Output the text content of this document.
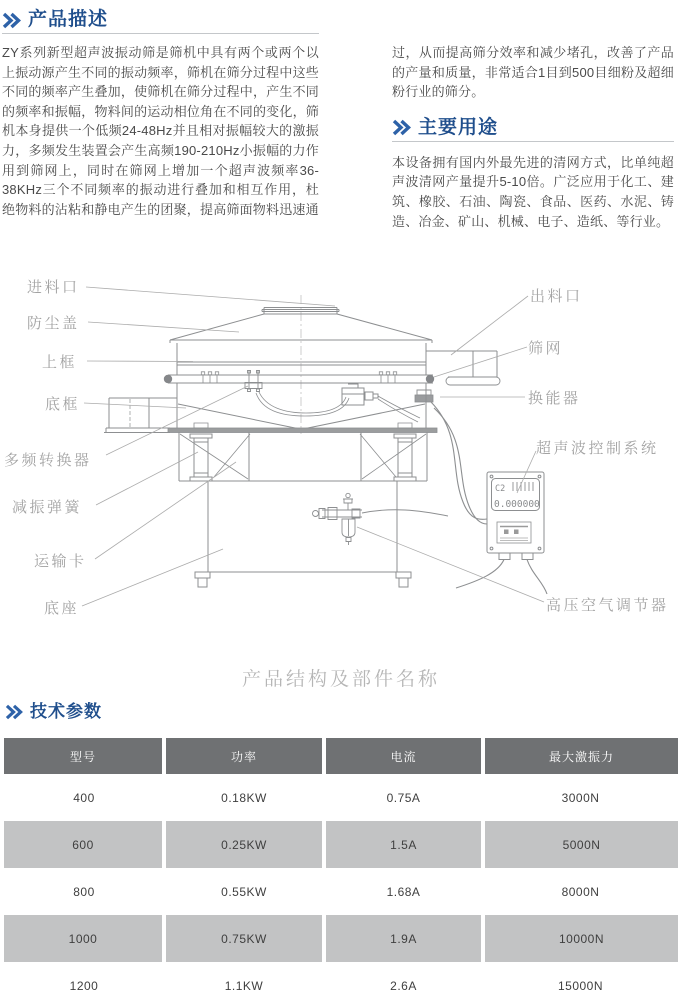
产品描述

ZY系列新型超声波振动筛是筛机中具有两个或两个以上振动源产生不同的振动频率，筛机在筛分过程中这些不同的频率产生叠加，使筛机在筛分过程中，产生不同的频率和振幅，物料间的运动相位角在不同的变化，筛机本身提供一个低频24-48Hz并且相对振幅较大的激振力，多频发生装置会产生高频190-210Hz小振幅的力作用到筛网上，同时在筛网上增加一个超声波频率36-38KHz三个不同频率的振动进行叠加和相互作用，杜绝物料的沾粘和静电产生的团聚，提高筛面物料迅速通

过，从而提高筛分效率和减少堵孔，改善了产品的产量和质量，非常适合1目到500目细粉及超细粉行业的筛分。

主要用途

本设备拥有国内外最先进的清网方式，比单纯超声波清网产量提升5-10倍。广泛应用于化工、建筑、橡胶、石油、陶瓷、食品、医药、水泥、铸造、冶金、矿山、机械、电子、造纸、等行业。

C2
0.000000
进料口
防尘盖
上框
底框
多频转换器
减振弹簧
运输卡
底座
出料口
筛网
换能器
超声波控制系统
高压空气调节器
产品结构及部件名称
技术参数
型号	功率	电流	最大激振力
400	0.18KW	0.75A	3000N
600	0.25KW	1.5A	5000N
800	0.55KW	1.68A	8000N
1000	0.75KW	1.9A	10000N
1200	1.1KW	2.6A	15000N
